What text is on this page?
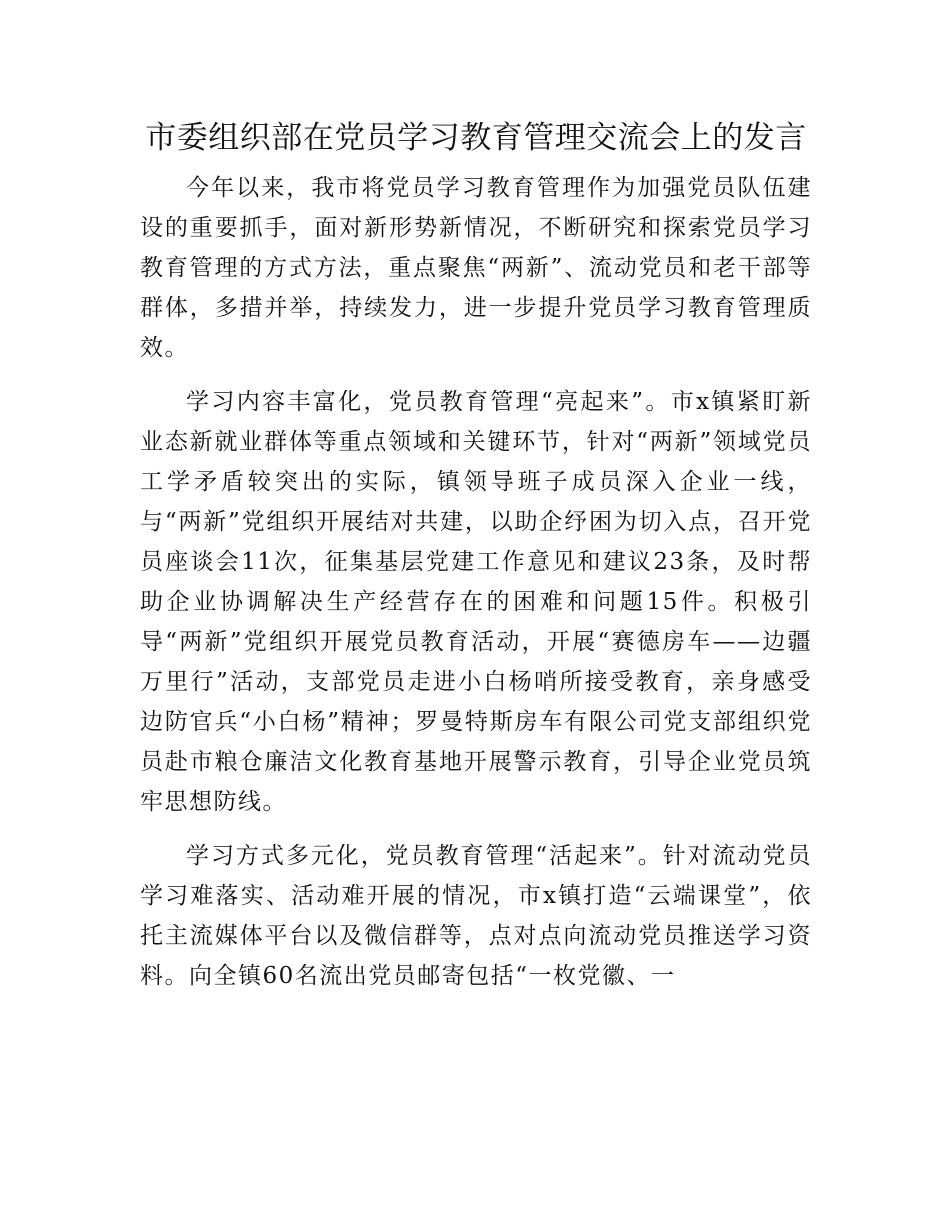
市委组织部在党员学习教育管理交流会上的发言

今年以来，我市将党员学习教育管理作为加强党员队伍建设的重要抓手，面对新形势新情况，不断研究和探索党员学习教育管理的方式方法，重点聚焦“两新”、流动党员和老干部等群体，多措并举，持续发力，进一步提升党员学习教育管理质效。

学习内容丰富化，党员教育管理“亮起来”。市x镇紧盯新业态新就业群体等重点领域和关键环节，针对“两新”领域党员工学矛盾较突出的实际，镇领导班子成员深入企业一线，与“两新”党组织开展结对共建，以助企纾困为切入点，召开党员座谈会11次，征集基层党建工作意见和建议23条，及时帮助企业协调解决生产经营存在的困难和问题15件。积极引导“两新”党组织开展党员教育活动，开展“赛德房车——边疆万里行”活动，支部党员走进小白杨哨所接受教育，亲身感受边防官兵“小白杨”精神；罗曼特斯房车有限公司党支部组织党员赴市粮仓廉洁文化教育基地开展警示教育，引导企业党员筑牢思想防线。

学习方式多元化，党员教育管理“活起来”。针对流动党员学习难落实、活动难开展的情况，市x镇打造“云端课堂”，依托主流媒体平台以及微信群等，点对点向流动党员推送学习资料。向全镇60名流出党员邮寄包括“一枚党徽、一
